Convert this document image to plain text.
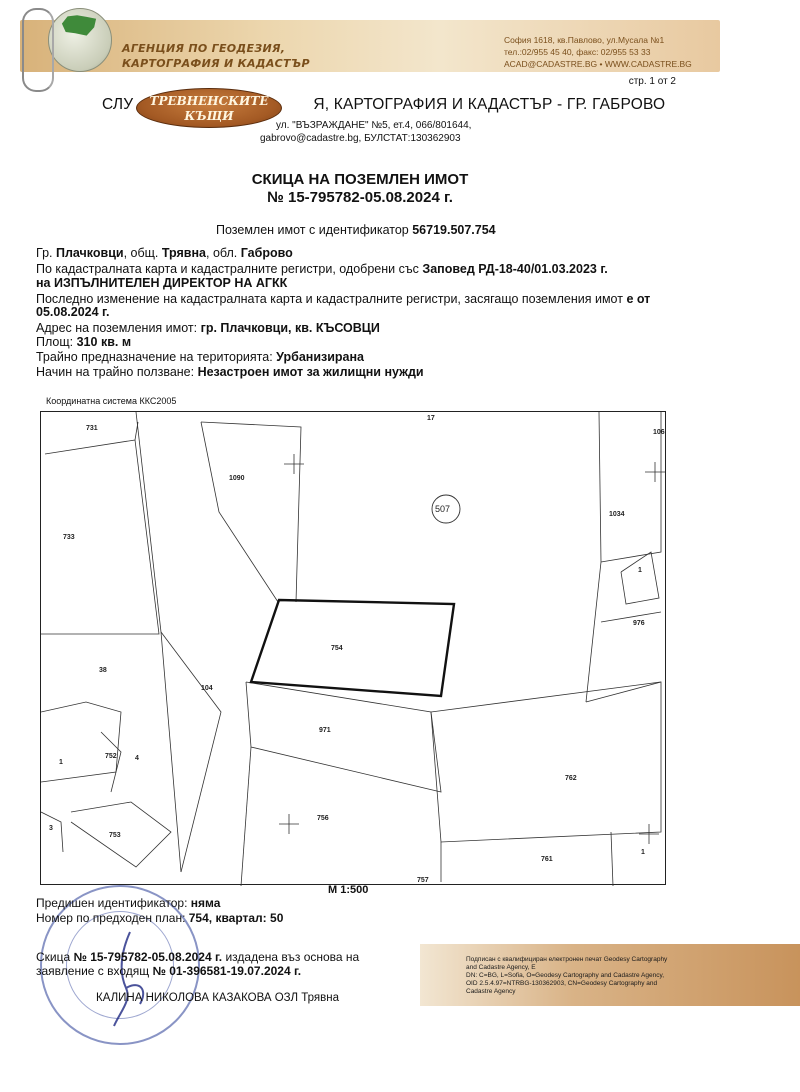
АГЕНЦИЯ ПО ГЕОДЕЗИЯ,
КАРТОГРАФИЯ И КАДАСТЪР
София 1618, кв.Павлово, ул.Мусала №1
тел.:02/955 45 40, факс: 02/955 53 33
ACAD@CADASTRE.BG • WWW.CADASTRE.BG
стр. 1 от 2
СЛУ	Я, КАРТОГРАФИЯ И КАДАСТЪР - ГР. ГАБРОВО
ТРЕВНЕНСКИТЕ
КЪЩИ
ул. "ВЪЗРАЖДАНЕ" №5, ет.4, 066/801644,
gabrovo@cadastre.bg, БУЛСТАТ:130362903
СКИЦА НА ПОЗЕМЛЕН ИМОТ
№ 15-795782-05.08.2024 г.
Поземлен имот с идентификатор 56719.507.754
Гр. Плачковци, общ. Трявна, обл. Габрово
По кадастралната карта и кадастралните регистри, одобрени със Заповед РД-18-40/01.03.2023 г.
на ИЗПЪЛНИТЕЛЕН ДИРЕКТОР НА АГКК
Последно изменение на кадастралната карта и кадастралните регистри, засягащо поземления имот е от
05.08.2024 г.
Адрес на поземления имот: гр. Плачковци, кв. КЪСОВЦИ
Площ: 310 кв. м
Трайно предназначение на територията: Урбанизирана
Начин на трайно ползване: Незастроен имот за жилищни нужди
Координатна система ККС2005
731
17
106
1090
733
1034
1
976
754
38
104
971
752	4
1
762
756
3
753
761
1
757
507
М 1:500
Предишен идентификатор: няма
Номер по предходен план: 754, квартал: 50
Скица № 15-795782-05.08.2024 г. издадена въз основа на
заявление с входящ № 01-396581-19.07.2024 г.
КАЛИНА НИКОЛОВА КАЗАКОВА ОЗЛ Трявна
Подписан с квалифициран електронен печат Geodesy Cartography
and Cadastre Agency, E
DN: C=BG, L=Sofia, O=Geodesy Cartography and Cadastre Agency,
OID 2.5.4.97=NTRBG-130362903, CN=Geodesy Cartography and
Cadastre Agency
